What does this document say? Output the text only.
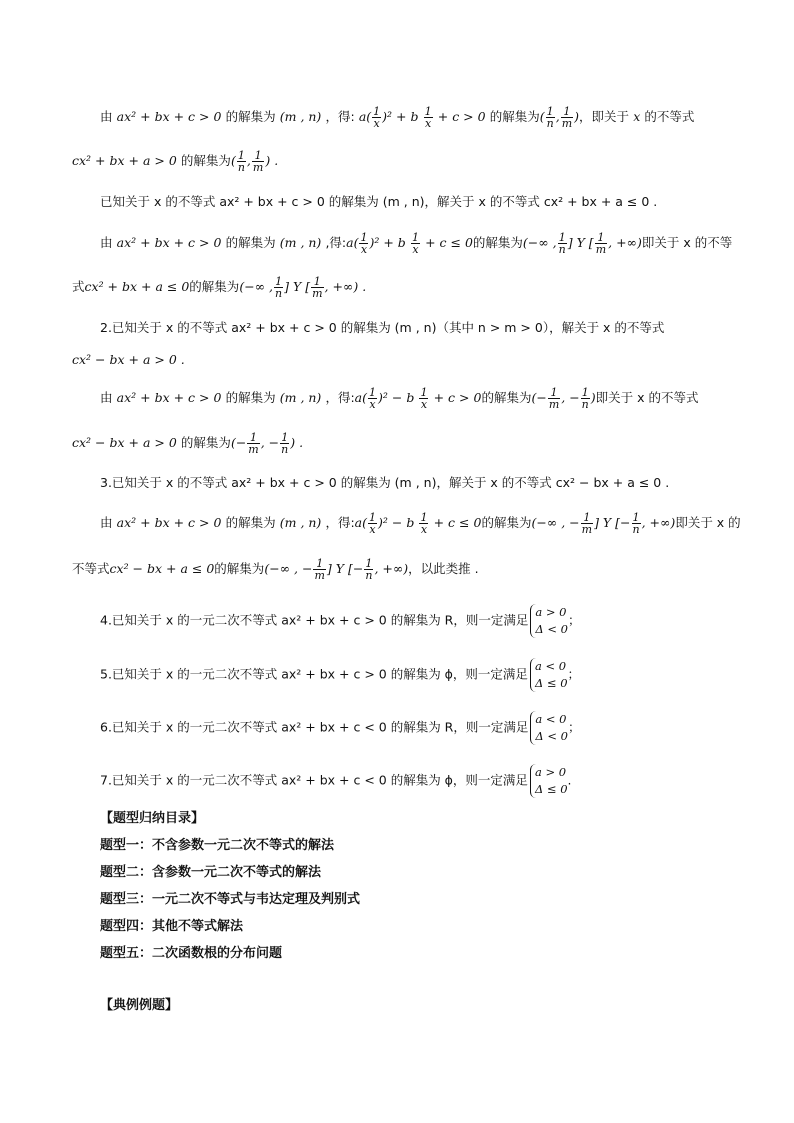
由 ax² + bx + c > 0 的解集为 (m , n) ，得: $a( \frac{1}{x} )^2 + b \frac{1}{x} + c > 0$ 的解集为( $\frac{1}{n}$ , $\frac{1}{m}$ )，即关于 x 的不等式
cx² + bx + a > 0 的解集为( $\frac{1}{n}$ , $\frac{1}{m}$ ) .
已知关于 x 的不等式 ax² + bx + c > 0 的解集为 (m , n)，解关于 x 的不等式 cx² + bx + a ≤ 0 .
由 ax² + bx + c > 0 的解集为 (m , n) ,得:a( $\frac{1}{x} )^2 + b \frac{1}{x} + c \le 0$的解集为(−∞ , $\frac{1}{n}$ ] Y [ $\frac{1}{m}$ , +∞)即关于 x 的不等
式cx² + bx + a ≤ 0的解集为(−∞ , $\frac{1}{n}$ ] Y [ $\frac{1}{m}$ , +∞) .
2.已知关于 x 的不等式 ax² + bx + c > 0 的解集为 (m , n)（其中 n > m > 0），解关于 x 的不等式
cx² − bx + a > 0 .
由 ax² + bx + c > 0 的解集为 (m , n) ，得:a( $\frac{1}{x} )^2 - b \frac{1}{x} + c > 0$的解集为(− $\frac{1}{m}$ , − $\frac{1}{n}$ )即关于 x 的不等式
cx² − bx + a > 0 的解集为(− $\frac{1}{m}$ , − $\frac{1}{n}$ ) .
3.已知关于 x 的不等式 ax² + bx + c > 0 的解集为 (m , n)，解关于 x 的不等式 cx² − bx + a ≤ 0 .
由 ax² + bx + c > 0 的解集为 (m , n) ，得:a( $\frac{1}{x} )^2 - b \frac{1}{x} + c \le 0$的解集为(−∞ , − $\frac{1}{m}$ ] Y [− $\frac{1}{n}$ , +∞)即关于 x 的
不等式cx² − bx + a ≤ 0的解集为(−∞ , − $\frac{1}{m}$ ] Y [− $\frac{1}{n}$ , +∞)，以此类推 .
4.已知关于 x 的一元二次不等式 ax² + bx + c > 0 的解集为 R，则一定满足
a > 0
Δ < 0
；
5.已知关于 x 的一元二次不等式 ax² + bx + c > 0 的解集为 ϕ，则一定满足
a < 0
Δ ≤ 0
；
6.已知关于 x 的一元二次不等式 ax² + bx + c < 0 的解集为 R，则一定满足
a < 0
Δ < 0
；
7.已知关于 x 的一元二次不等式 ax² + bx + c < 0 的解集为 ϕ，则一定满足
a > 0
Δ ≤ 0
.
【题型归纳目录】
题型一：不含参数一元二次不等式的解法
题型二：含参数一元二次不等式的解法
题型三：一元二次不等式与韦达定理及判别式
题型四：其他不等式解法
题型五：二次函数根的分布问题
【典例例题】
